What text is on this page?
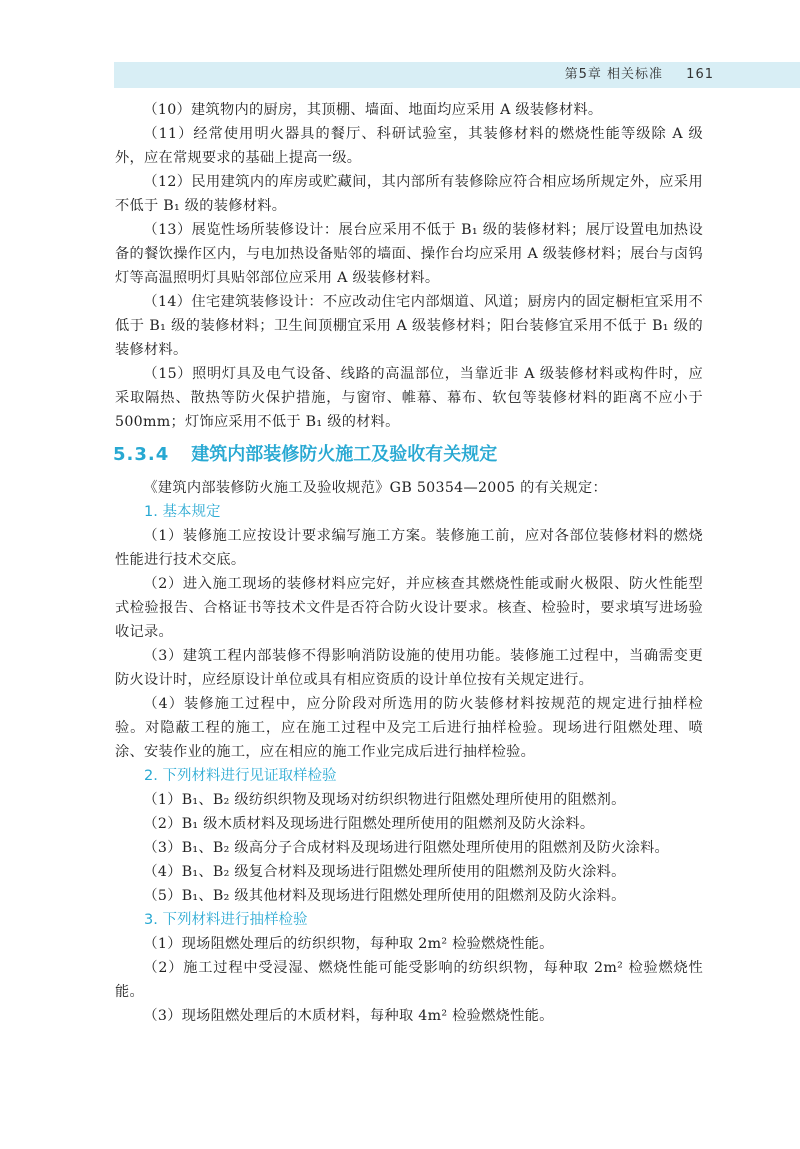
第5章 相关标准 161

（10）建筑物内的厨房，其顶棚、墙面、地面均应采用 A 级装修材料。

（11）经常使用明火器具的餐厅、科研试验室，其装修材料的燃烧性能等级除 A 级外，应在常规要求的基础上提高一级。

（12）民用建筑内的库房或贮藏间，其内部所有装修除应符合相应场所规定外，应采用不低于 B₁ 级的装修材料。

（13）展览性场所装修设计：展台应采用不低于 B₁ 级的装修材料；展厅设置电加热设备的餐饮操作区内，与电加热设备贴邻的墙面、操作台均应采用 A 级装修材料；展台与卤钨灯等高温照明灯具贴邻部位应采用 A 级装修材料。

（14）住宅建筑装修设计：不应改动住宅内部烟道、风道；厨房内的固定橱柜宜采用不低于 B₁ 级的装修材料；卫生间顶棚宜采用 A 级装修材料；阳台装修宜采用不低于 B₁ 级的装修材料。

（15）照明灯具及电气设备、线路的高温部位，当靠近非 A 级装修材料或构件时，应采取隔热、散热等防火保护措施，与窗帘、帷幕、幕布、软包等装修材料的距离不应小于 500mm；灯饰应采用不低于 B₁ 级的材料。

5.3.4 建筑内部装修防火施工及验收有关规定

《建筑内部装修防火施工及验收规范》GB 50354—2005 的有关规定：

1. 基本规定

（1）装修施工应按设计要求编写施工方案。装修施工前，应对各部位装修材料的燃烧性能进行技术交底。

（2）进入施工现场的装修材料应完好，并应核查其燃烧性能或耐火极限、防火性能型式检验报告、合格证书等技术文件是否符合防火设计要求。核查、检验时，要求填写进场验收记录。

（3）建筑工程内部装修不得影响消防设施的使用功能。装修施工过程中，当确需变更防火设计时，应经原设计单位或具有相应资质的设计单位按有关规定进行。

（4）装修施工过程中，应分阶段对所选用的防火装修材料按规范的规定进行抽样检验。对隐蔽工程的施工，应在施工过程中及完工后进行抽样检验。现场进行阻燃处理、喷涂、安装作业的施工，应在相应的施工作业完成后进行抽样检验。

2. 下列材料进行见证取样检验

（1）B₁、B₂ 级纺织织物及现场对纺织织物进行阻燃处理所使用的阻燃剂。

（2）B₁ 级木质材料及现场进行阻燃处理所使用的阻燃剂及防火涂料。

（3）B₁、B₂ 级高分子合成材料及现场进行阻燃处理所使用的阻燃剂及防火涂料。

（4）B₁、B₂ 级复合材料及现场进行阻燃处理所使用的阻燃剂及防火涂料。

（5）B₁、B₂ 级其他材料及现场进行阻燃处理所使用的阻燃剂及防火涂料。

3. 下列材料进行抽样检验

（1）现场阻燃处理后的纺织织物，每种取 2m² 检验燃烧性能。

（2）施工过程中受浸湿、燃烧性能可能受影响的纺织织物，每种取 2m² 检验燃烧性能。

（3）现场阻燃处理后的木质材料，每种取 4m² 检验燃烧性能。
